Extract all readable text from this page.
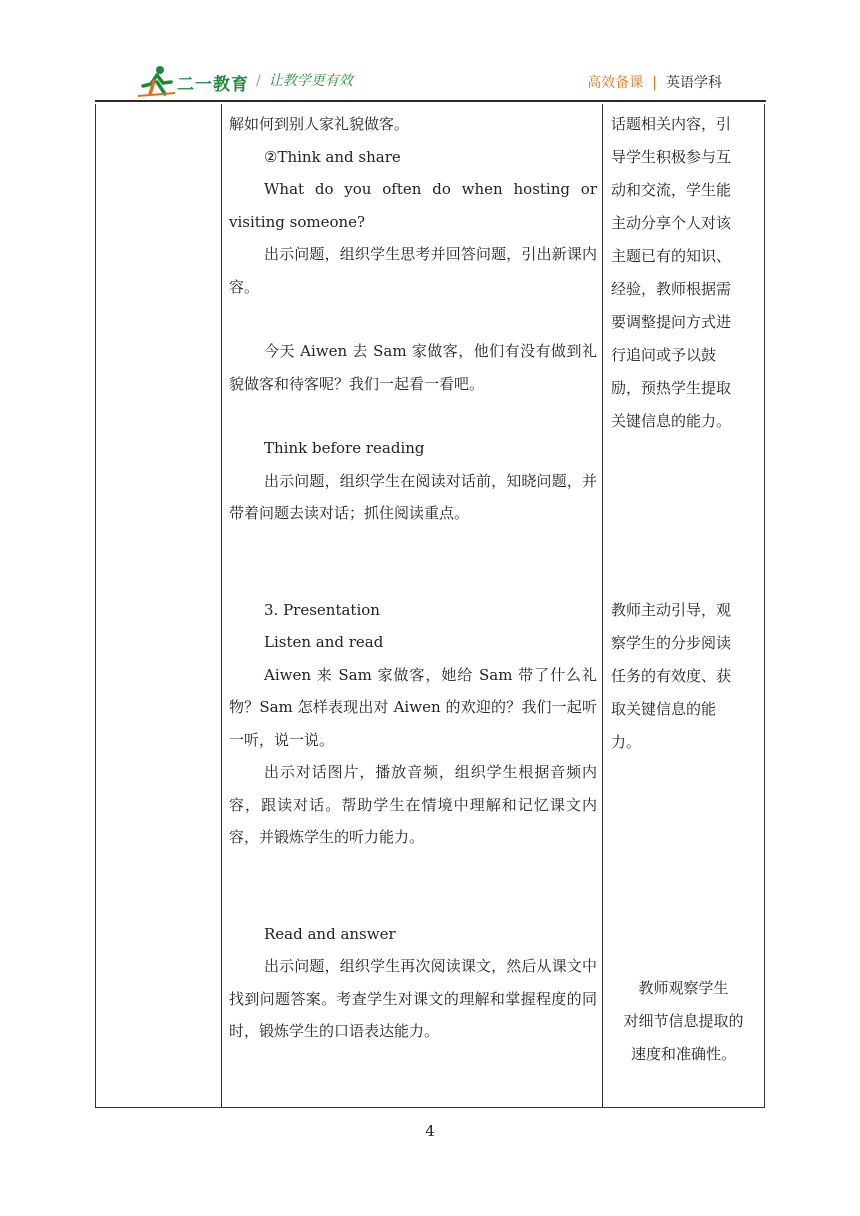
二一教育 / 让教学更有效	高效备课 | 英语学科

解如何到别人家礼貌做客。

②Think and share

What do you often do when hosting or visiting someone?

出示问题，组织学生思考并回答问题，引出新课内容。

今天 Aiwen 去 Sam 家做客，他们有没有做到礼貌做客和待客呢？我们一起看一看吧。

Think before reading

出示问题，组织学生在阅读对话前，知晓问题，并带着问题去读对话；抓住阅读重点。

3. Presentation

Listen and read

Aiwen 来 Sam 家做客，她给 Sam 带了什么礼物？Sam 怎样表现出对 Aiwen 的欢迎的？我们一起听一听，说一说。

出示对话图片，播放音频，组织学生根据音频内容，跟读对话。帮助学生在情境中理解和记忆课文内容，并锻炼学生的听力能力。

Read and answer

出示问题，组织学生再次阅读课文，然后从课文中找到问题答案。考查学生对课文的理解和掌握程度的同时，锻炼学生的口语表达能力。

话题相关内容，引

导学生积极参与互

动和交流，学生能

主动分享个人对该

主题已有的知识、

经验，教师根据需

要调整提问方式进

行追问或予以鼓

励，预热学生提取

关键信息的能力。

教师主动引导，观

察学生的分步阅读

任务的有效度、获

取关键信息的能

力。

教师观察学生

对细节信息提取的

速度和准确性。

4
